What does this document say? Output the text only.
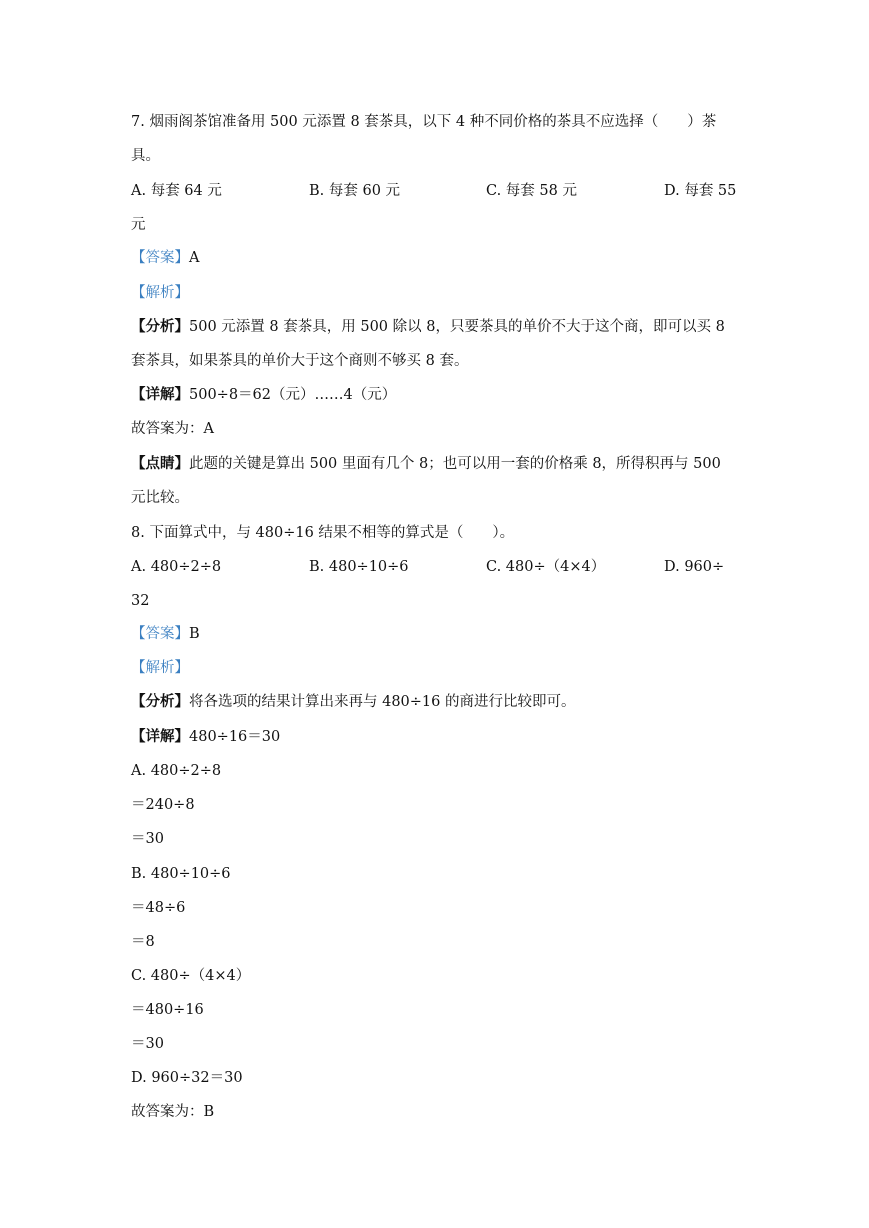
7. 烟雨阁茶馆准备用 500 元添置 8 套茶具，以下 4 种不同价格的茶具不应选择（　　）茶
具。
A. 每套 64 元	B. 每套 60 元	C. 每套 58 元	D. 每套 55
元
【答案】A
【解析】
【分析】500 元添置 8 套茶具，用 500 除以 8，只要茶具的单价不大于这个商，即可以买 8
套茶具，如果茶具的单价大于这个商则不够买 8 套。
【详解】500÷8＝62（元）……4（元）
故答案为：A
【点睛】此题的关键是算出 500 里面有几个 8；也可以用一套的价格乘 8，所得积再与 500
元比较。
8. 下面算式中，与 480÷16 结果不相等的算式是（　　）。
A. 480÷2÷8	B. 480÷10÷6	C. 480÷（4×4）	D. 960÷
32
【答案】B
【解析】
【分析】将各选项的结果计算出来再与 480÷16 的商进行比较即可。
【详解】480÷16＝30
A. 480÷2÷8
＝240÷8
＝30
B. 480÷10÷6
＝48÷6
＝8
C. 480÷（4×4）
＝480÷16
＝30
D. 960÷32＝30
故答案为：B
